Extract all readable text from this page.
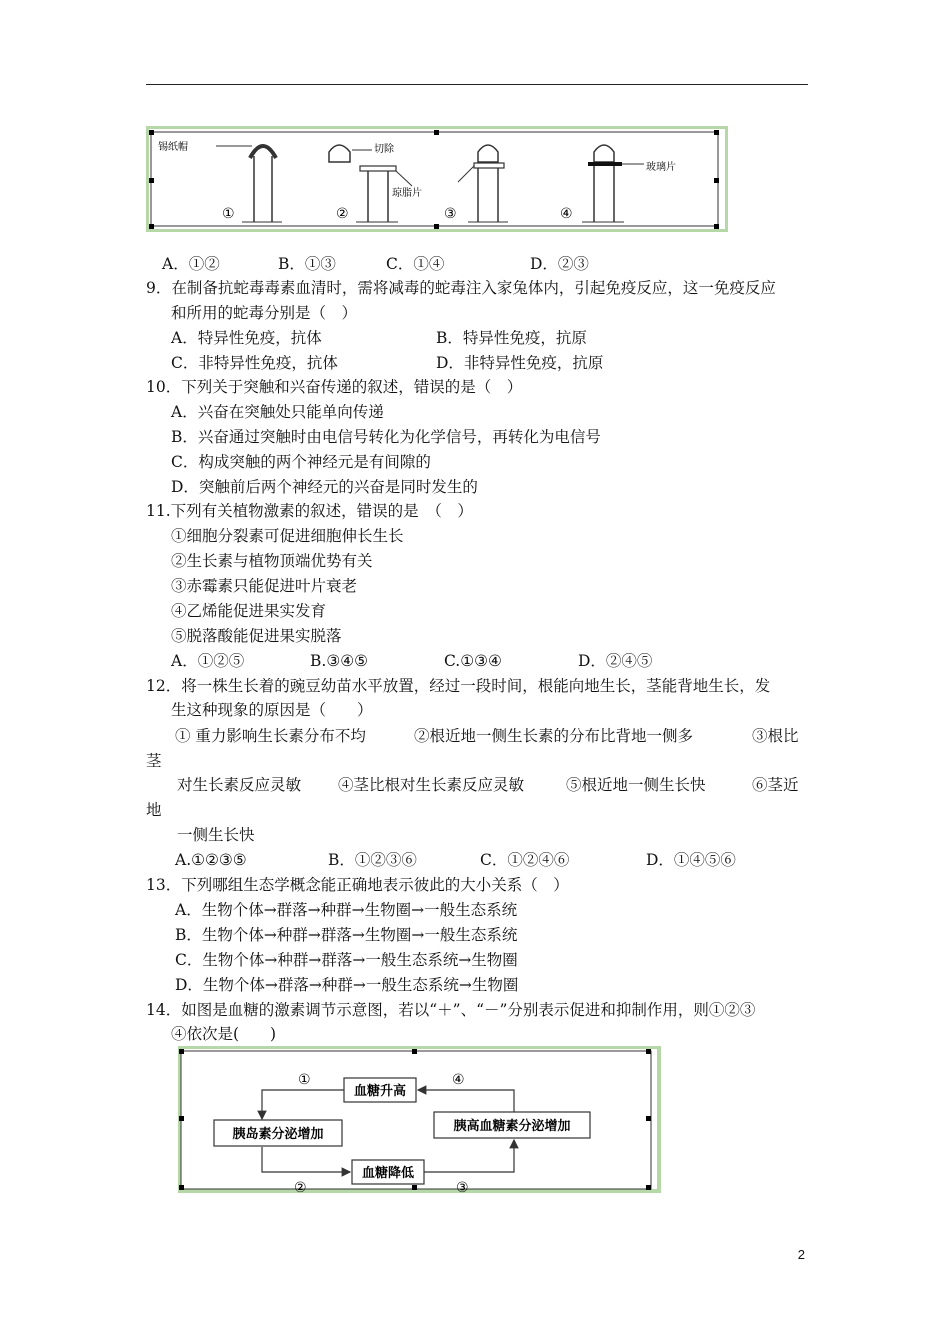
锡纸帽	切除
琼脂片
玻璃片
①	②	③	④
A．①②	B．①③	C．①④	D．②③
9．在制备抗蛇毒毒素血清时，需将减毒的蛇毒注入家兔体内，引起免疫反应，这一免疫反应
和所用的蛇毒分别是（　）
A．特异性免疫，抗体	B．特异性免疫，抗原
C．非特异性免疫，抗体	D．非特异性免疫，抗原
10．下列关于突触和兴奋传递的叙述，错误的是（　）
A．兴奋在突触处只能单向传递
B．兴奋通过突触时由电信号转化为化学信号，再转化为电信号
C．构成突触的两个神经元是有间隙的
D．突触前后两个神经元的兴奋是同时发生的
11.下列有关植物激素的叙述，错误的是　（　）
①细胞分裂素可促进细胞伸长生长
②生长素与植物顶端优势有关
③赤霉素只能促进叶片衰老
④乙烯能促进果实发育
⑤脱落酸能促进果实脱落
A．①②⑤	B.③④⑤	C.①③④	D．②④⑤
12．将一株生长着的豌豆幼苗水平放置，经过一段时间，根能向地生长，茎能背地生长，发
生这种现象的原因是（　　）
① 重力影响生长素分布不均	②根近地一侧生长素的分布比背地一侧多	③根比
茎
对生长素反应灵敏 ④茎比根对生长素反应灵敏	⑤根近地一侧生长快	⑥茎近
地
一侧生长快
A.①②③⑤	B．①②③⑥	C．①②④⑥	D．①④⑤⑥
13．下列哪组生态学概念能正确地表示彼此的大小关系（　）
A．生物个体→群落→种群→生物圈→一般生态系统
B．生物个体→种群→群落→生物圈→一般生态系统
C．生物个体→种群→群落→一般生态系统→生物圈
D．生物个体→群落→种群→一般生态系统→生物圈
14．如图是血糖的激素调节示意图，若以“＋”、“－”分别表示促进和抑制作用，则①②③
④依次是(　　)
血糖升高
胰岛素分泌增加
胰高血糖素分泌增加
血糖降低
①
②	③
④
2
